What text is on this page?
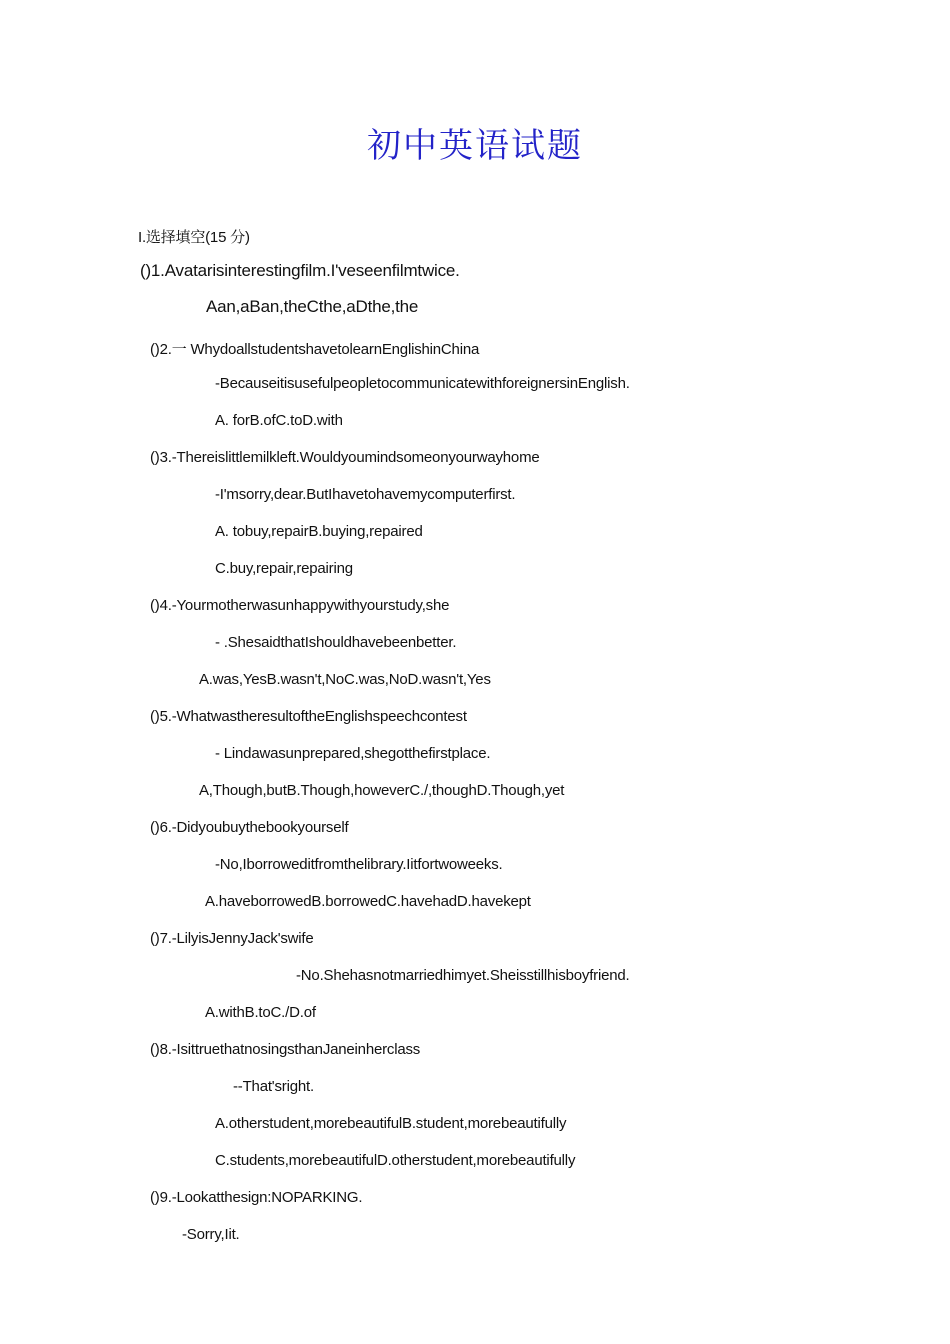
初中英语试题
I.选择填空(15 分)
()1.Avatarisinterestingfilm.I'veseenfilmtwice.
Aan,aBan,theCthe,aDthe,the
()2.一 WhydoallstudentshavetolearnEnglishinChina
-BecauseitisusefulpeopletocommunicatewithforeignersinEnglish.
A. forB.ofC.toD.with
()3.-Thereislittlemilkleft.Wouldyoumindsomeonyourwayhome
-I'msorry,dear.ButIhavetohavemycomputerfirst.
A. tobuy,repairB.buying,repaired
C.buy,repair,repairing
()4.-Yourmotherwasunhappywithyourstudy,she
- .ShesaidthatIshouldhavebeenbetter.
A.was,YesB.wasn't,NoC.was,NoD.wasn't,Yes
()5.-WhatwastheresultoftheEnglishspeechcontest
- Lindawasunprepared,shegotthefirstplace.
A,Though,butB.Though,howeverC./,thoughD.Though,yet
()6.-Didyoubuythebookyourself
-No,Iborroweditfromthelibrary.Iitfortwoweeks.
A.haveborrowedB.borrowedC.havehadD.havekept
()7.-LilyisJennyJack'swife
-No.Shehasnotmarriedhimyet.Sheisstillhisboyfriend.
A.withB.toC./D.of
()8.-IsittruethatnosingsthanJaneinherclass
--That'sright.
A.otherstudent,morebeautifulB.student,morebeautifully
C.students,morebeautifulD.otherstudent,morebeautifully
()9.-Lookatthesign:NOPARKING.
-Sorry,Iit.
